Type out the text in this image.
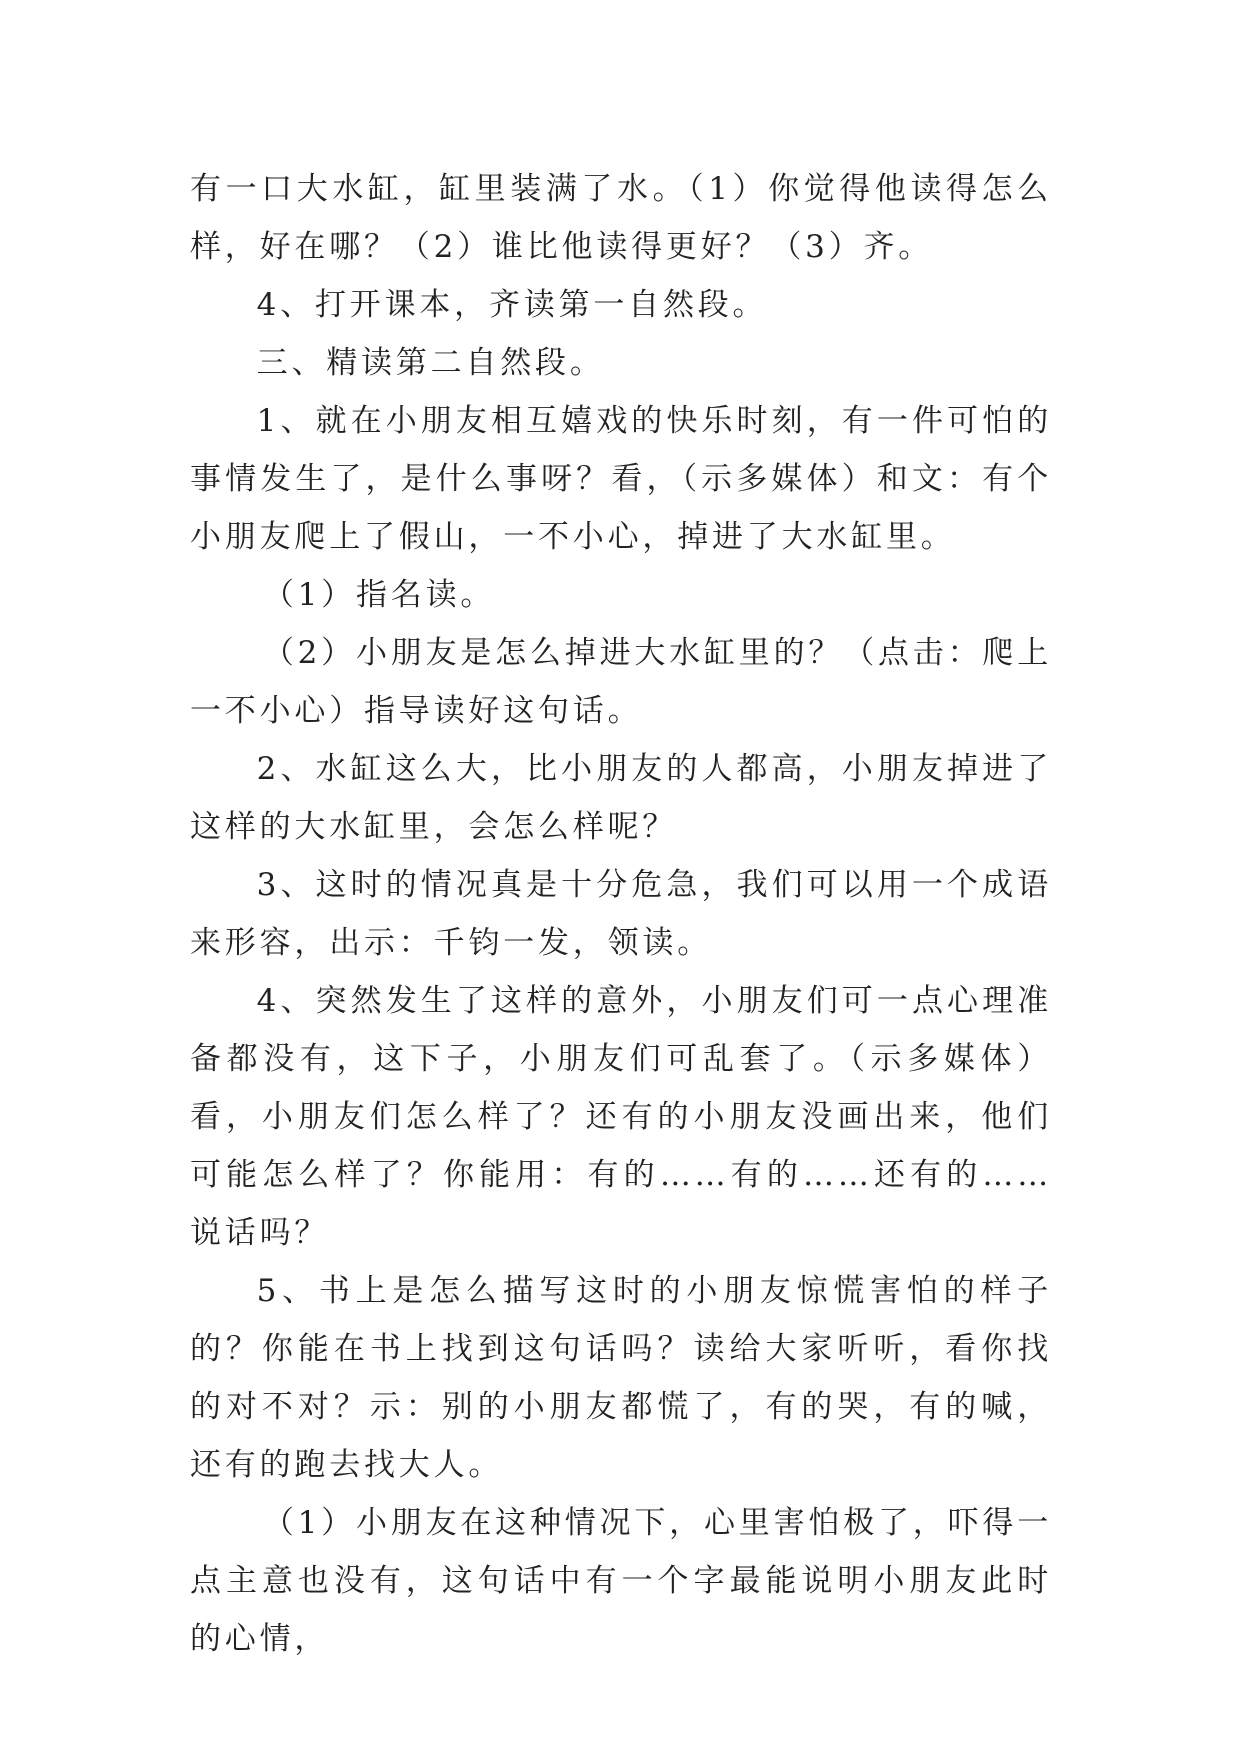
有一口大水缸，缸里装满了水。（1）你觉得他读得怎么样，好在哪？（2）谁比他读得更好？（3）齐。

4、打开课本，齐读第一自然段。

三、精读第二自然段。

1、就在小朋友相互嬉戏的快乐时刻，有一件可怕的事情发生了，是什么事呀？看，（示多媒体）和文：有个小朋友爬上了假山，一不小心，掉进了大水缸里。

（1）指名读。

（2）小朋友是怎么掉进大水缸里的？（点击：爬上 一不小心）指导读好这句话。

2、水缸这么大，比小朋友的人都高，小朋友掉进了这样的大水缸里，会怎么样呢？

3、这时的情况真是十分危急，我们可以用一个成语来形容，出示：千钧一发，领读。

4、突然发生了这样的意外，小朋友们可一点心理准备都没有，这下子，小朋友们可乱套了。（示多媒体）看，小朋友们怎么样了？还有的小朋友没画出来，他们可能怎么样了？你能用：有的……有的……还有的……说话吗？

5、书上是怎么描写这时的小朋友惊慌害怕的样子的？你能在书上找到这句话吗？读给大家听听，看你找的对不对？示：别的小朋友都慌了，有的哭，有的喊，还有的跑去找大人。

（1）小朋友在这种情况下，心里害怕极了，吓得一点主意也没有，这句话中有一个字最能说明小朋友此时的心情，
